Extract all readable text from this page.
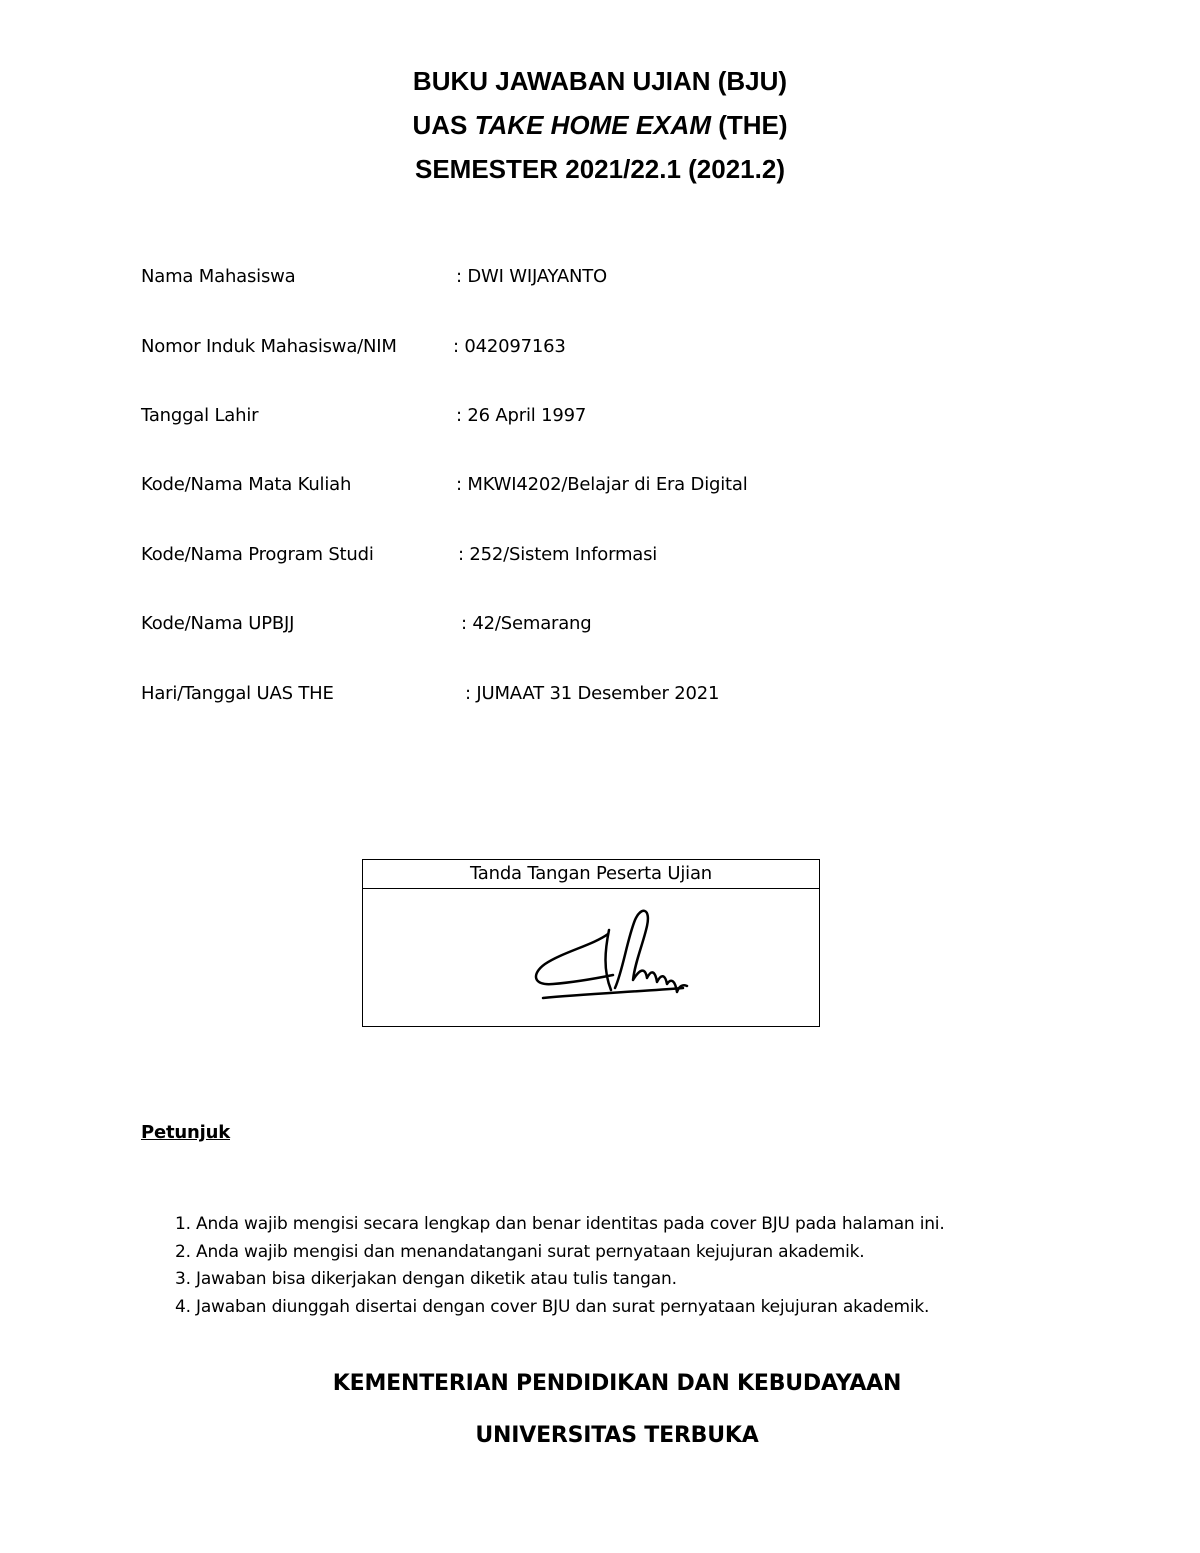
BUKU JAWABAN UJIAN (BJU)
UAS TAKE HOME EXAM (THE)
SEMESTER 2021/22.1 (2021.2)
Nama Mahasiswa	: DWI WIJAYANTO
Nomor Induk Mahasiswa/NIM	: 042097163
Tanggal Lahir	: 26 April 1997
Kode/Nama Mata Kuliah	: MKWI4202/Belajar di Era Digital
Kode/Nama Program Studi	: 252/Sistem Informasi
Kode/Nama UPBJJ	: 42/Semarang
Hari/Tanggal UAS THE	: JUMAAT 31 Desember 2021
Tanda Tangan Peserta Ujian
Petunjuk
1. Anda wajib mengisi secara lengkap dan benar identitas pada cover BJU pada halaman ini.
2. Anda wajib mengisi dan menandatangani surat pernyataan kejujuran akademik.
3. Jawaban bisa dikerjakan dengan diketik atau tulis tangan.
4. Jawaban diunggah disertai dengan cover BJU dan surat pernyataan kejujuran akademik.
KEMENTERIAN PENDIDIKAN DAN KEBUDAYAAN
UNIVERSITAS TERBUKA
